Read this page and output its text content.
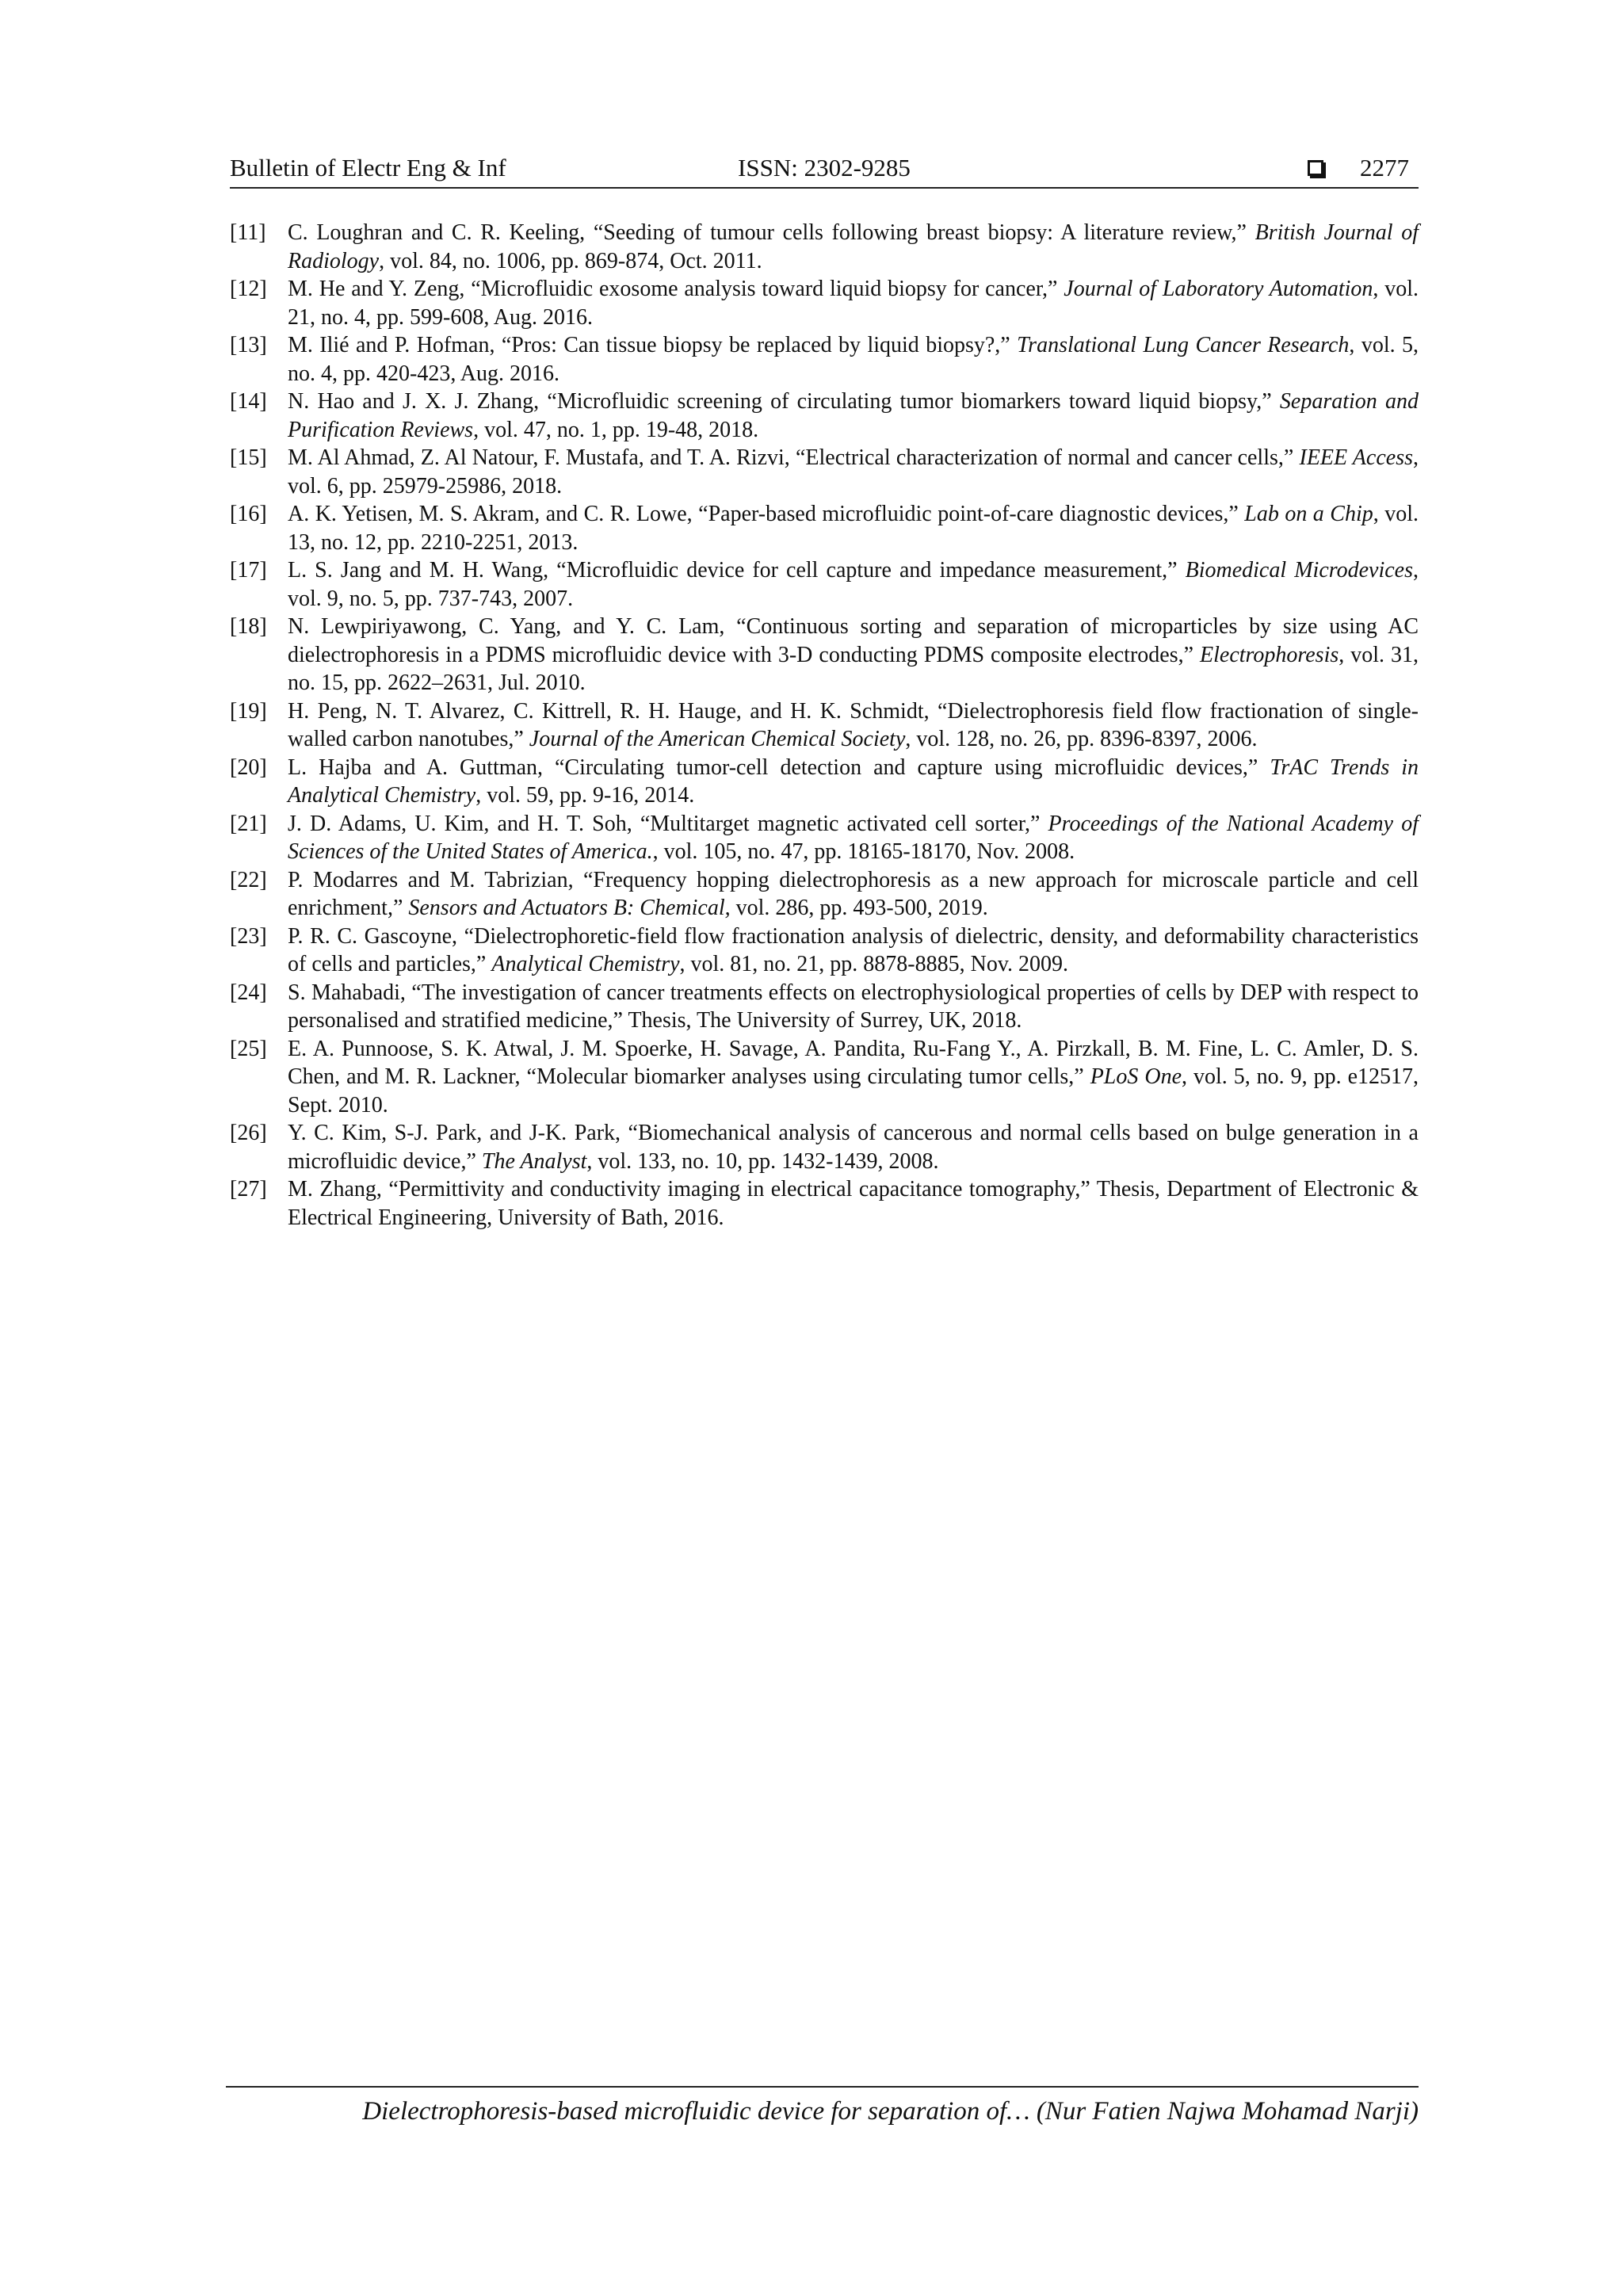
Bulletin of Electr Eng & Inf	ISSN: 2302-9285	2277
[11] C. Loughran and C. R. Keeling, “Seeding of tumour cells following breast biopsy: A literature review,” British Journal of Radiology, vol. 84, no. 1006, pp. 869-874, Oct. 2011.
[12] M. He and Y. Zeng, “Microfluidic exosome analysis toward liquid biopsy for cancer,” Journal of Laboratory Automation, vol. 21, no. 4, pp. 599-608, Aug. 2016.
[13] M. Ilié and P. Hofman, “Pros: Can tissue biopsy be replaced by liquid biopsy?,” Translational Lung Cancer Research, vol. 5, no. 4, pp. 420-423, Aug. 2016.
[14] N. Hao and J. X. J. Zhang, “Microfluidic screening of circulating tumor biomarkers toward liquid biopsy,” Separation and Purification Reviews, vol. 47, no. 1, pp. 19-48, 2018.
[15] M. Al Ahmad, Z. Al Natour, F. Mustafa, and T. A. Rizvi, “Electrical characterization of normal and cancer cells,” IEEE Access, vol. 6, pp. 25979-25986, 2018.
[16] A. K. Yetisen, M. S. Akram, and C. R. Lowe, “Paper-based microfluidic point-of-care diagnostic devices,” Lab on a Chip, vol. 13, no. 12, pp. 2210-2251, 2013.
[17] L. S. Jang and M. H. Wang, “Microfluidic device for cell capture and impedance measurement,” Biomedical Microdevices, vol. 9, no. 5, pp. 737-743, 2007.
[18] N. Lewpiriyawong, C. Yang, and Y. C. Lam, “Continuous sorting and separation of microparticles by size using AC dielectrophoresis in a PDMS microfluidic device with 3-D conducting PDMS composite electrodes,” Electrophoresis, vol. 31, no. 15, pp. 2622–2631, Jul. 2010.
[19] H. Peng, N. T. Alvarez, C. Kittrell, R. H. Hauge, and H. K. Schmidt, “Dielectrophoresis field flow fractionation of single-walled carbon nanotubes,” Journal of the American Chemical Society, vol. 128, no. 26, pp. 8396-8397, 2006.
[20] L. Hajba and A. Guttman, “Circulating tumor-cell detection and capture using microfluidic devices,” TrAC Trends in Analytical Chemistry, vol. 59, pp. 9-16, 2014.
[21] J. D. Adams, U. Kim, and H. T. Soh, “Multitarget magnetic activated cell sorter,” Proceedings of the National Academy of Sciences of the United States of America., vol. 105, no. 47, pp. 18165-18170, Nov. 2008.
[22] P. Modarres and M. Tabrizian, “Frequency hopping dielectrophoresis as a new approach for microscale particle and cell enrichment,” Sensors and Actuators B: Chemical, vol. 286, pp. 493-500, 2019.
[23] P. R. C. Gascoyne, “Dielectrophoretic-field flow fractionation analysis of dielectric, density, and deformability characteristics of cells and particles,” Analytical Chemistry, vol. 81, no. 21, pp. 8878-8885, Nov. 2009.
[24] S. Mahabadi, “The investigation of cancer treatments effects on electrophysiological properties of cells by DEP with respect to personalised and stratified medicine,” Thesis, The University of Surrey, UK, 2018.
[25] E. A. Punnoose, S. K. Atwal, J. M. Spoerke, H. Savage, A. Pandita, Ru-Fang Y., A. Pirzkall, B. M. Fine, L. C. Amler, D. S. Chen, and M. R. Lackner, “Molecular biomarker analyses using circulating tumor cells,” PLoS One, vol. 5, no. 9, pp. e12517, Sept. 2010.
[26] Y. C. Kim, S-J. Park, and J-K. Park, “Biomechanical analysis of cancerous and normal cells based on bulge generation in a microfluidic device,” The Analyst, vol. 133, no. 10, pp. 1432-1439, 2008.
[27] M. Zhang, “Permittivity and conductivity imaging in electrical capacitance tomography,” Thesis, Department of Electronic & Electrical Engineering, University of Bath, 2016.
Dielectrophoresis-based microfluidic device for separation of… (Nur Fatien Najwa Mohamad Narji)
